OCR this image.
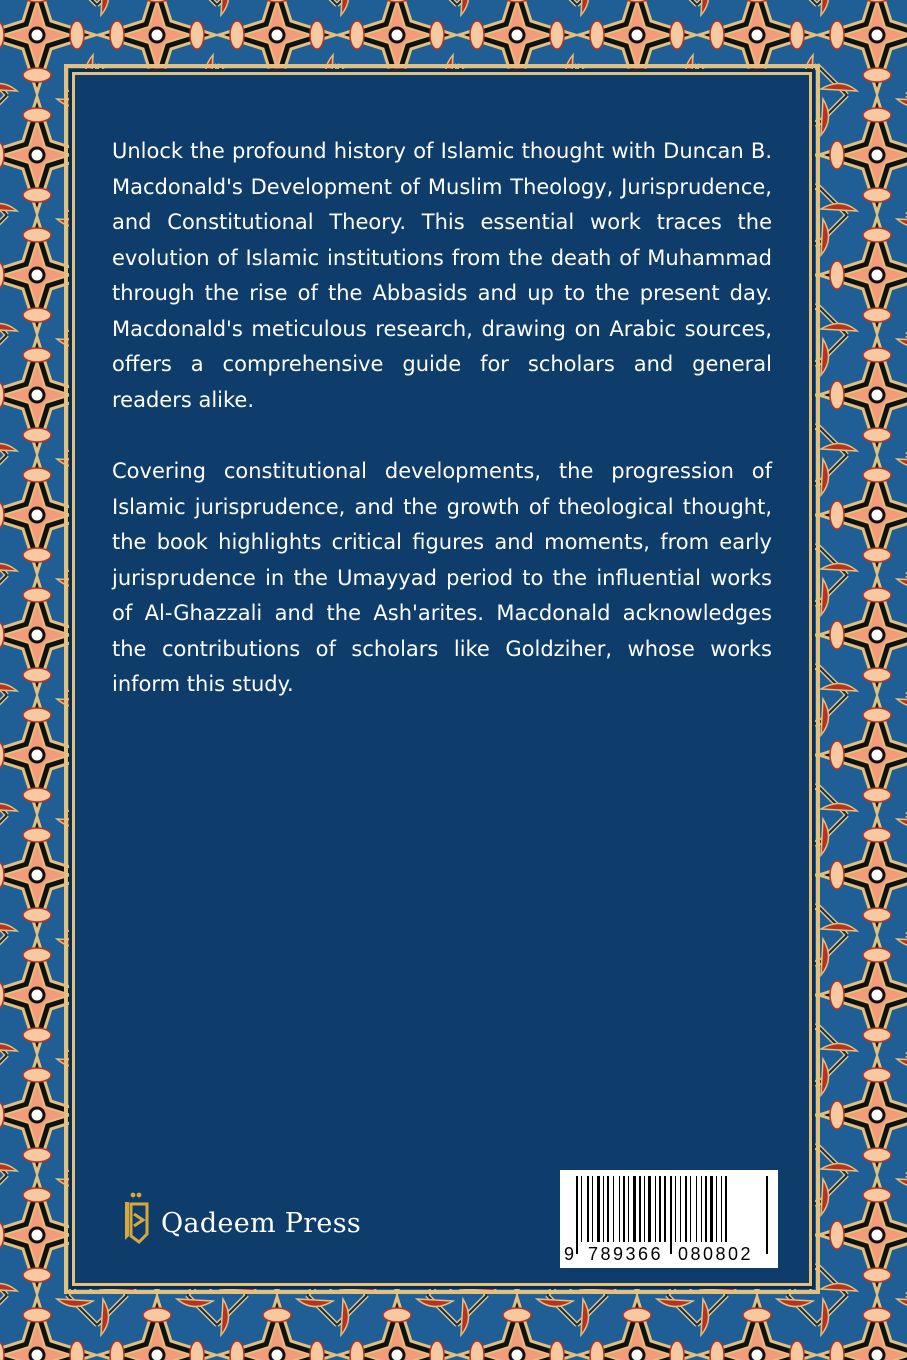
Unlock the profound history of Islamic thought with Duncan B. Macdonald's Development of Muslim Theology, Jurisprudence, and Constitutional Theory. This essential work traces the evolution of Islamic institutions from the death of Muhammad through the rise of the Abbasids and up to the present day. Macdonald's meticulous research, drawing on Arabic sources, offers a comprehensive guide for scholars and general readers alike.

Covering constitutional developments, the progression of Islamic jurisprudence, and the growth of theological thought, the book highlights critical figures and moments, from early jurisprudence in the Umayyad period to the influential works of Al-Ghazzali and the Ash'arites. Macdonald acknowledges the contributions of scholars like Goldziher, whose works inform this study.

Qadeem Press
9 789366 080802
